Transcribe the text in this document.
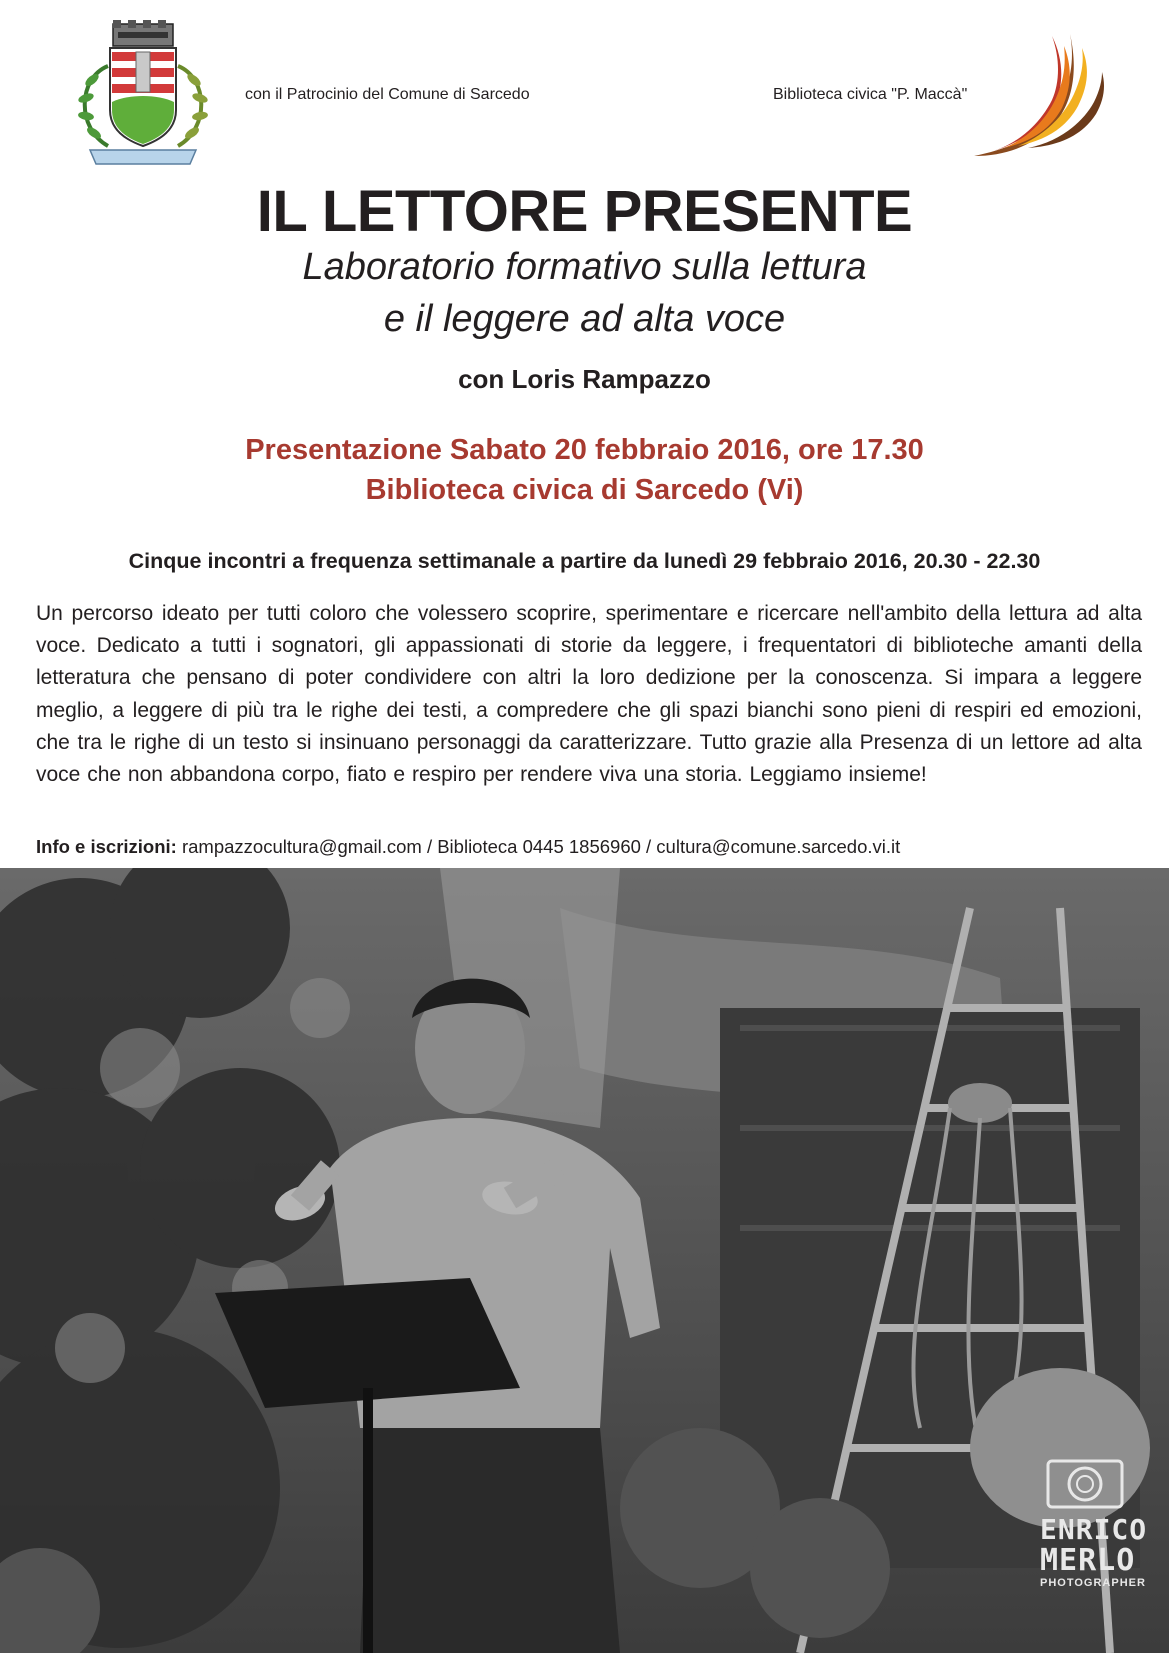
con il Patrocinio del Comune di Sarcedo	Biblioteca civica "P. Maccà"
IL LETTORE PRESENTE
Laboratorio formativo sulla lettura
e il leggere ad alta voce
con Loris Rampazzo
Presentazione Sabato 20 febbraio 2016, ore 17.30
Biblioteca civica di Sarcedo (Vi)
Cinque incontri a frequenza settimanale a partire da lunedì 29 febbraio 2016, 20.30 - 22.30
Un percorso ideato per tutti coloro che volessero scoprire, sperimentare e ricercare nell'ambito della lettura ad alta voce. Dedicato a tutti i sognatori, gli appassionati di storie da leggere, i frequentatori di biblioteche amanti della letteratura che pensano di poter condividere con altri la loro dedizione per la conoscenza. Si impara a leggere meglio, a leggere di più tra le righe dei testi, a compredere che gli spazi bianchi sono pieni di respiri ed emozioni, che tra le righe di un testo si insinuano personaggi da caratterizzare. Tutto grazie alla Presenza di un lettore ad alta voce che non abbandona corpo, fiato e respiro per rendere viva una storia. Leggiamo insieme!
Info e iscrizioni: rampazzocultura@gmail.com / Biblioteca 0445 1856960 / cultura@comune.sarcedo.vi.it
ENRICO
MERLO
PHOTOGRAPHER
